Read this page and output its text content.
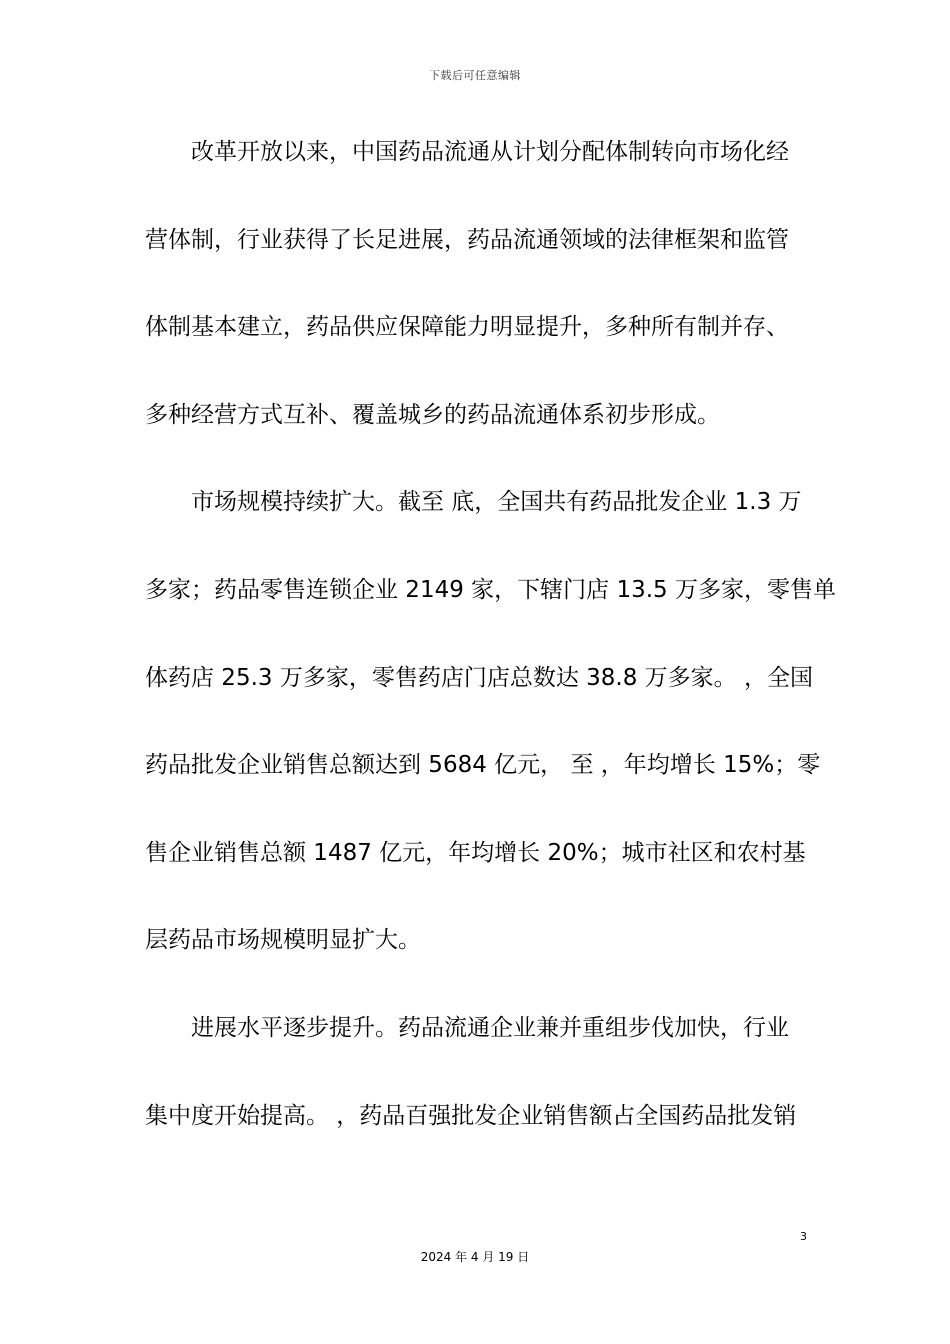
下载后可任意编辑
改革开放以来，中国药品流通从计划分配体制转向市场化经
营体制，行业获得了长足进展，药品流通领域的法律框架和监管
体制基本建立，药品供应保障能力明显提升，多种所有制并存、
多种经营方式互补、覆盖城乡的药品流通体系初步形成。
市场规模持续扩大。截至 底，全国共有药品批发企业 1.3 万
多家；药品零售连锁企业 2149 家，下辖门店 13.5 万多家，零售单
体药店 25.3 万多家，零售药店门店总数达 38.8 万多家。 ，全国
药品批发企业销售总额达到 5684 亿元， 至 ，年均增长 15%；零
售企业销售总额 1487 亿元，年均增长 20%；城市社区和农村基
层药品市场规模明显扩大。
进展水平逐步提升。药品流通企业兼并重组步伐加快，行业
集中度开始提高。 ，药品百强批发企业销售额占全国药品批发销
3
2024 年 4 月 19 日
